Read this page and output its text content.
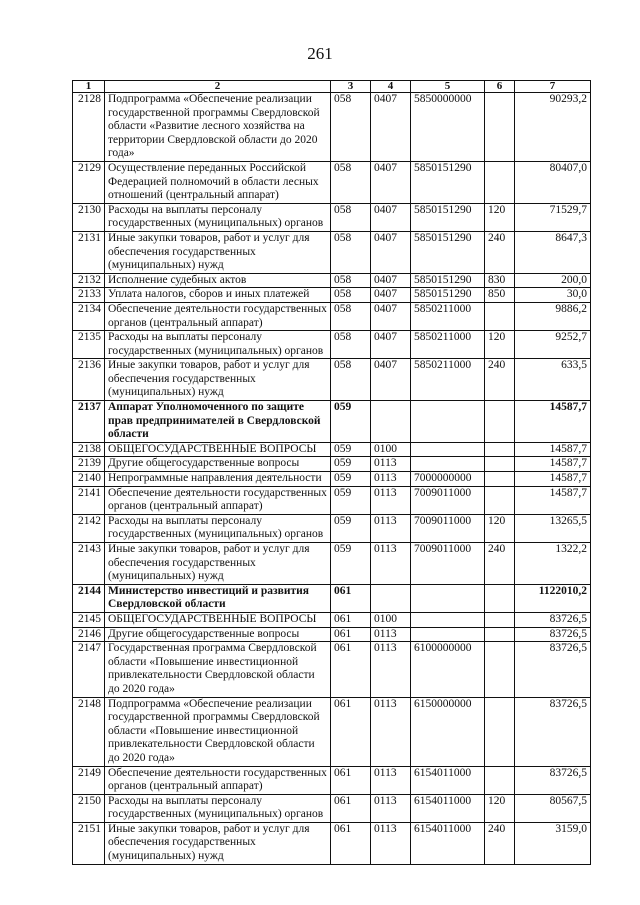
261
1	2	3	4	5	6	7
2128	Подпрограмма «Обеспечение реализации государственной программы Свердловской области «Развитие лесного хозяйства на территории Свердловской области до 2020 года»	058	0407	5850000000		90293,2
2129	Осуществление переданных Российской Федерацией полномочий в области лесных отношений (центральный аппарат)	058	0407	5850151290		80407,0
2130	Расходы на выплаты персоналу государственных (муниципальных) органов	058	0407	5850151290	120	71529,7
2131	Иные закупки товаров, работ и услуг для обеспечения государственных (муниципальных) нужд	058	0407	5850151290	240	8647,3
2132	Исполнение судебных актов	058	0407	5850151290	830	200,0
2133	Уплата налогов, сборов и иных платежей	058	0407	5850151290	850	30,0
2134	Обеспечение деятельности государственных органов (центральный аппарат)	058	0407	5850211000		9886,2
2135	Расходы на выплаты персоналу государственных (муниципальных) органов	058	0407	5850211000	120	9252,7
2136	Иные закупки товаров, работ и услуг для обеспечения государственных (муниципальных) нужд	058	0407	5850211000	240	633,5
2137	Аппарат Уполномоченного по защите прав предпринимателей в Свердловской области	059				14587,7
2138	ОБЩЕГОСУДАРСТВЕННЫЕ ВОПРОСЫ	059	0100			14587,7
2139	Другие общегосударственные вопросы	059	0113			14587,7
2140	Непрограммные направления деятельности	059	0113	7000000000		14587,7
2141	Обеспечение деятельности государственных органов (центральный аппарат)	059	0113	7009011000		14587,7
2142	Расходы на выплаты персоналу государственных (муниципальных) органов	059	0113	7009011000	120	13265,5
2143	Иные закупки товаров, работ и услуг для обеспечения государственных (муниципальных) нужд	059	0113	7009011000	240	1322,2
2144	Министерство инвестиций и развития Свердловской области	061				1122010,2
2145	ОБЩЕГОСУДАРСТВЕННЫЕ ВОПРОСЫ	061	0100			83726,5
2146	Другие общегосударственные вопросы	061	0113			83726,5
2147	Государственная программа Свердловской области «Повышение инвестиционной привлекательности Свердловской области до 2020 года»	061	0113	6100000000		83726,5
2148	Подпрограмма «Обеспечение реализации государственной программы Свердловской области «Повышение инвестиционной привлекательности Свердловской области до 2020 года»	061	0113	6150000000		83726,5
2149	Обеспечение деятельности государственных органов (центральный аппарат)	061	0113	6154011000		83726,5
2150	Расходы на выплаты персоналу государственных (муниципальных) органов	061	0113	6154011000	120	80567,5
2151	Иные закупки товаров, работ и услуг для обеспечения государственных (муниципальных) нужд	061	0113	6154011000	240	3159,0
